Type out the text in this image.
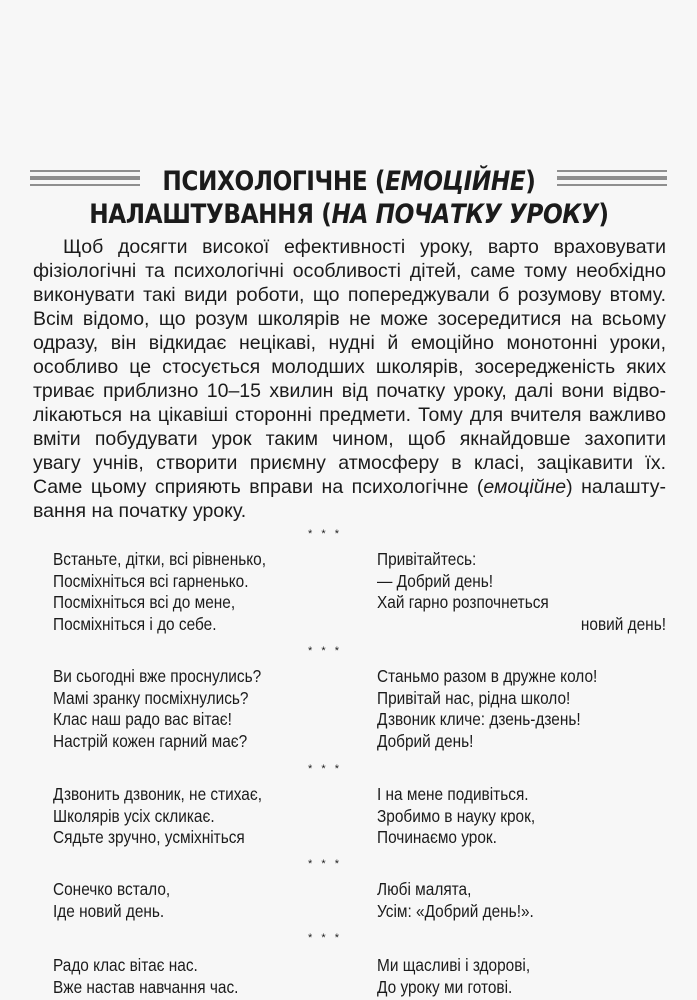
ПСИХОЛОГІЧНЕ (ЕМОЦІЙНЕ)
НАЛАШТУВАННЯ (НА ПОЧАТКУ УРОКУ)
Щоб досягти високої ефективності уроку, варто враховувати
фізіологічні та психологічні особливості дітей, саме тому необхідно
виконувати такі види роботи, що попереджували б розумову втому.
Всім відомо, що розум школярів не може зосередитися на всьому
одразу, він відкидає нецікаві, нудні й емоційно монотонні уроки,
особливо це стосується молодших школярів, зосередженість яких
триває приблизно 10–15 хвилин від початку уроку, далі вони відво-
лікаються на цікавіші сторонні предмети. Тому для вчителя важливо
вміти побудувати урок таким чином, щоб якнайдовше захопити
увагу учнів, створити приємну атмосферу в класі, зацікавити їх.
Саме цьому сприяють вправи на психологічне (емоційне) налашту-
вання на початку уроку.
* * *
Встаньте, дітки, всі рівненько,
Посміхніться всі гарненько.
Посміхніться всі до мене,
Посміхніться і до себе.
Привітайтесь:
— Добрий день!
Хай гарно розпочнеться
новий день!
* * *
Ви сьогодні вже проснулись?
Мамі зранку посміхнулись?
Клас наш радо вас вітає!
Настрій кожен гарний має?
Станьмо разом в дружне коло!
Привітай нас, рідна школо!
Дзвоник кличе: дзень-дзень!
Добрий день!
* * *
Дзвонить дзвоник, не стихає,
Школярів усіх скликає.
Сядьте зручно, усміхніться
І на мене подивіться.
Зробимо в науку крок,
Починаємо урок.
* * *
Сонечко встало,
Іде новий день.
Любі малята,
Усім: «Добрий день!».
* * *
Радо клас вітає нас.
Вже настав навчання час.
Ми щасливі і здорові,
До уроку ми готові.
